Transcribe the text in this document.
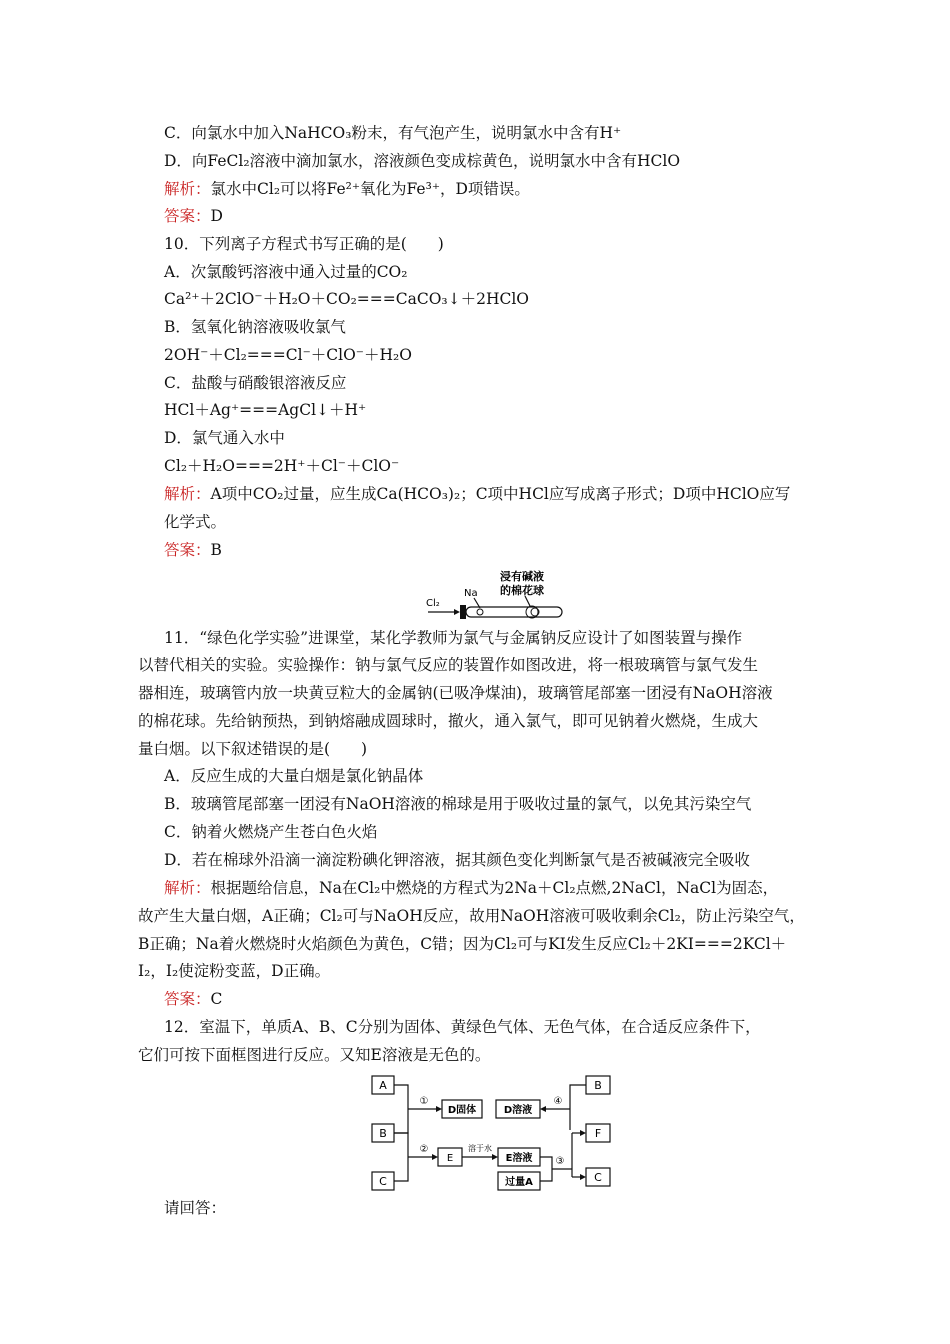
C．向氯水中加入NaHCO₃粉末，有气泡产生，说明氯水中含有H⁺
D．向FeCl₂溶液中滴加氯水，溶液颜色变成棕黄色，说明氯水中含有HClO
解析：氯水中Cl₂可以将Fe²⁺氧化为Fe³⁺，D项错误。
答案：D
10．下列离子方程式书写正确的是(　　)
A．次氯酸钙溶液中通入过量的CO₂
Ca²⁺＋2ClO⁻＋H₂O＋CO₂===CaCO₃↓＋2HClO
B．氢氧化钠溶液吸收氯气
2OH⁻＋Cl₂===Cl⁻＋ClO⁻＋H₂O
C．盐酸与硝酸银溶液反应
HCl＋Ag⁺===AgCl↓＋H⁺
D．氯气通入水中
Cl₂＋H₂O===2H⁺＋Cl⁻＋ClO⁻
解析：A项中CO₂过量，应生成Ca(HCO₃)₂；C项中HCl应写成离子形式；D项中HClO应写
化学式。
答案：B
浸有碱液
的棉花球
Na
Cl₂
11．“绿色化学实验”进课堂，某化学教师为氯气与金属钠反应设计了如图装置与操作
以替代相关的实验。实验操作：钠与氯气反应的装置作如图改进，将一根玻璃管与氯气发生
器相连，玻璃管内放一块黄豆粒大的金属钠(已吸净煤油)，玻璃管尾部塞一团浸有NaOH溶液
的棉花球。先给钠预热，到钠熔融成圆球时，撤火，通入氯气，即可见钠着火燃烧，生成大
量白烟。以下叙述错误的是(　　)
A．反应生成的大量白烟是氯化钠晶体
B．玻璃管尾部塞一团浸有NaOH溶液的棉球是用于吸收过量的氯气，以免其污染空气
C．钠着火燃烧产生苍白色火焰
D．若在棉球外沿滴一滴淀粉碘化钾溶液，据其颜色变化判断氯气是否被碱液完全吸收
解析：根据题给信息，Na在Cl₂中燃烧的方程式为2Na＋Cl₂点燃,2NaCl，NaCl为固态，
故产生大量白烟，A正确；Cl₂可与NaOH反应，故用NaOH溶液可吸收剩余Cl₂，防止污染空气，
B正确；Na着火燃烧时火焰颜色为黄色，C错；因为Cl₂可与KI发生反应Cl₂＋2KI===2KCl＋
I₂，I₂使淀粉变蓝，D正确。
答案：C
12．室温下，单质A、B、C分别为固体、黄绿色气体、无色气体，在合适反应条件下，
它们可按下面框图进行反应。又知E溶液是无色的。
A
B
C
①
D固体
②
E
溶于水
E溶液
过量A
③
C
B
F
④
D溶液
请回答：
